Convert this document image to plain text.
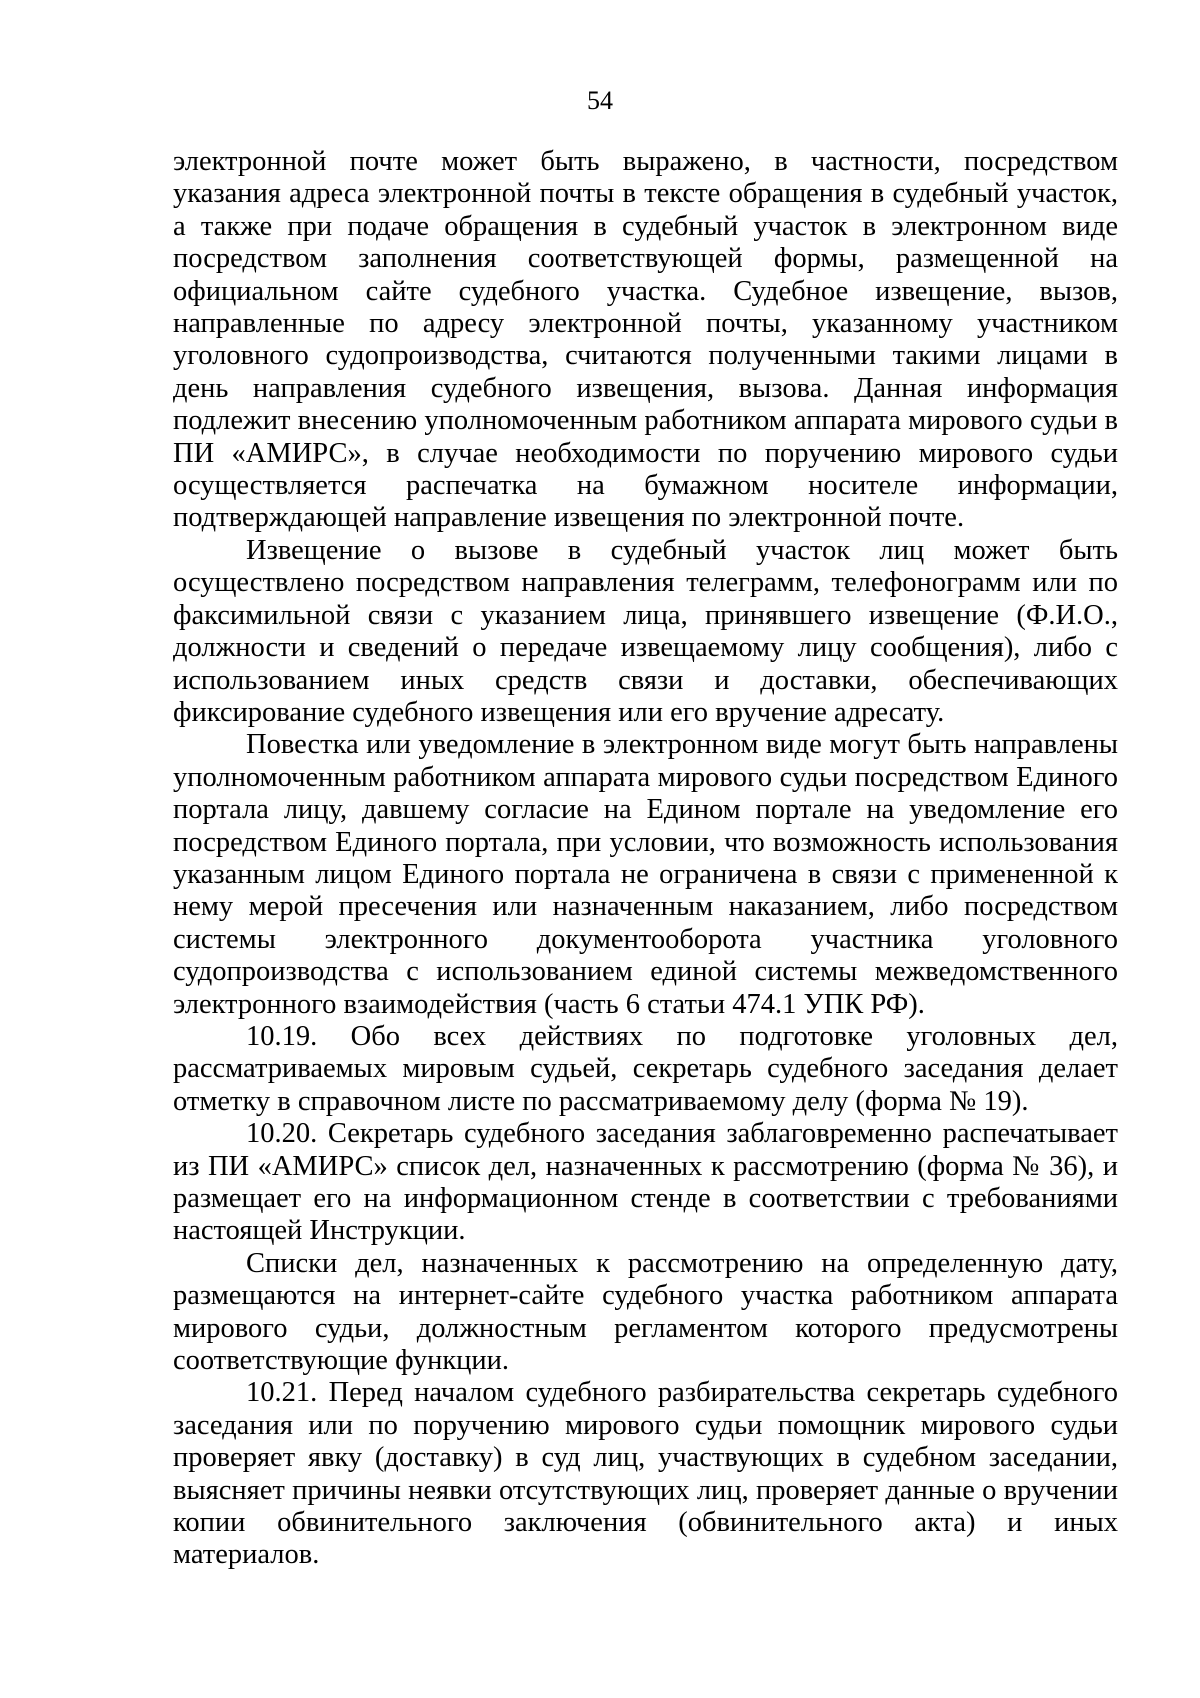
54

электронной почте может быть выражено, в частности, посредством указания адреса электронной почты в тексте обращения в судебный участок, а также при подаче обращения в судебный участок в электронном виде посредством заполнения соответствующей формы, размещенной на официальном сайте судебного участка. Судебное извещение, вызов, направленные по адресу электронной почты, указанному участником уголовного судопроизводства, считаются полученными такими лицами в день направления судебного извещения, вызова. Данная информация подлежит внесению уполномоченным работником аппарата мирового судьи в ПИ «АМИРС», в случае необходимости по поручению мирового судьи осуществляется распечатка на бумажном носителе информации, подтверждающей направление извещения по электронной почте.

Извещение о вызове в судебный участок лиц может быть осуществлено посредством направления телеграмм, телефонограмм или по факсимильной связи с указанием лица, принявшего извещение (Ф.И.О., должности и сведений о передаче извещаемому лицу сообщения), либо с использованием иных средств связи и доставки, обеспечивающих фиксирование судебного извещения или его вручение адресату.

Повестка или уведомление в электронном виде могут быть направлены уполномоченным работником аппарата мирового судьи посредством Единого портала лицу, давшему согласие на Едином портале на уведомление его посредством Единого портала, при условии, что возможность использования указанным лицом Единого портала не ограничена в связи с примененной к нему мерой пресечения или назначенным наказанием, либо посредством системы электронного документооборота участника уголовного судопроизводства с использованием единой системы межведомственного электронного взаимодействия (часть 6 статьи 474.1 УПК РФ).

10.19. Обо всех действиях по подготовке уголовных дел, рассматриваемых мировым судьей, секретарь судебного заседания делает отметку в справочном листе по рассматриваемому делу (форма № 19).

10.20. Секретарь судебного заседания заблаговременно распечатывает из ПИ «АМИРС» список дел, назначенных к рассмотрению (форма № 36), и размещает его на информационном стенде в соответствии с требованиями настоящей Инструкции.

Списки дел, назначенных к рассмотрению на определенную дату, размещаются на интернет-сайте судебного участка работником аппарата мирового судьи, должностным регламентом которого предусмотрены соответствующие функции.

10.21. Перед началом судебного разбирательства секретарь судебного заседания или по поручению мирового судьи помощник мирового судьи проверяет явку (доставку) в суд лиц, участвующих в судебном заседании, выясняет причины неявки отсутствующих лиц, проверяет данные о вручении копии обвинительного заключения (обвинительного акта) и иных материалов.
